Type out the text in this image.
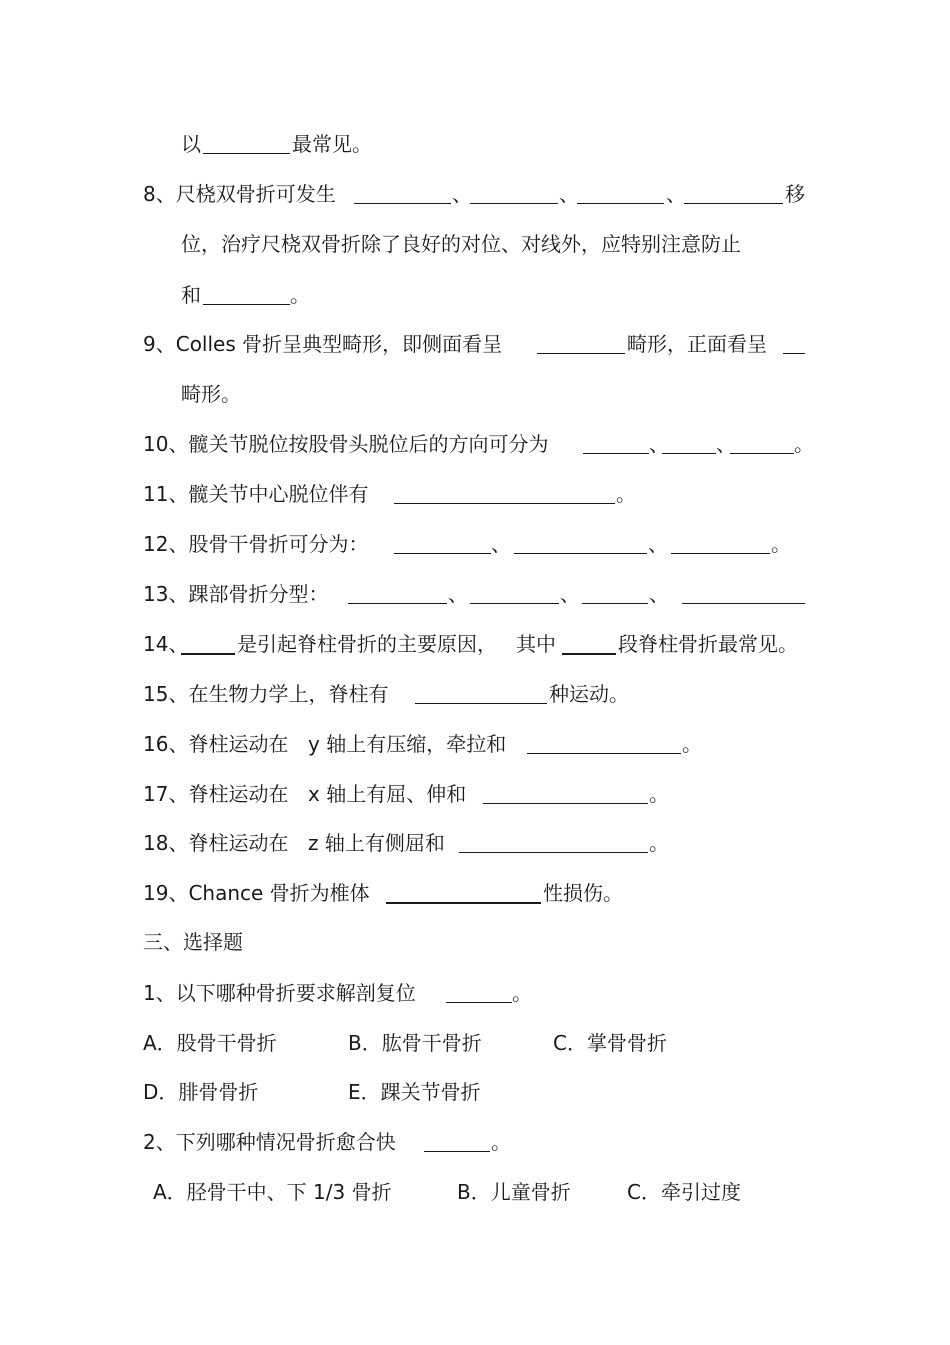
以	最常见。
8、尺桡双骨折可发生	、	、	、	移
位，治疗尺桡双骨折除了良好的对位、对线外，应特别注意防止
和	。
9、Colles 骨折呈典型畸形，即侧面看呈	畸形，正面看呈
畸形。
10、髋关节脱位按股骨头脱位后的方向可分为	、 、	。
11、髋关节中心脱位伴有	。
12、股骨干骨折可分为：	、	、	。
13、踝部骨折分型：	、	、	、
14、 是引起脊柱骨折的主要原因， 其中	段脊柱骨折最常见。
15、在生物力学上，脊柱有	种运动。
16、脊柱运动在 y 轴上有压缩，牵拉和	。
17、脊柱运动在 x 轴上有屈、伸和	。
18、脊柱运动在 z 轴上有侧屈和	。
19、Chance 骨折为椎体	性损伤。
三、选择题
1、以下哪种骨折要求解剖复位	。
A．股骨干骨折	B．肱骨干骨折	C．掌骨骨折
D．腓骨骨折	E．踝关节骨折
2、下列哪种情况骨折愈合快	。
A．胫骨干中、下 1/3 骨折	B．儿童骨折	C．牵引过度
